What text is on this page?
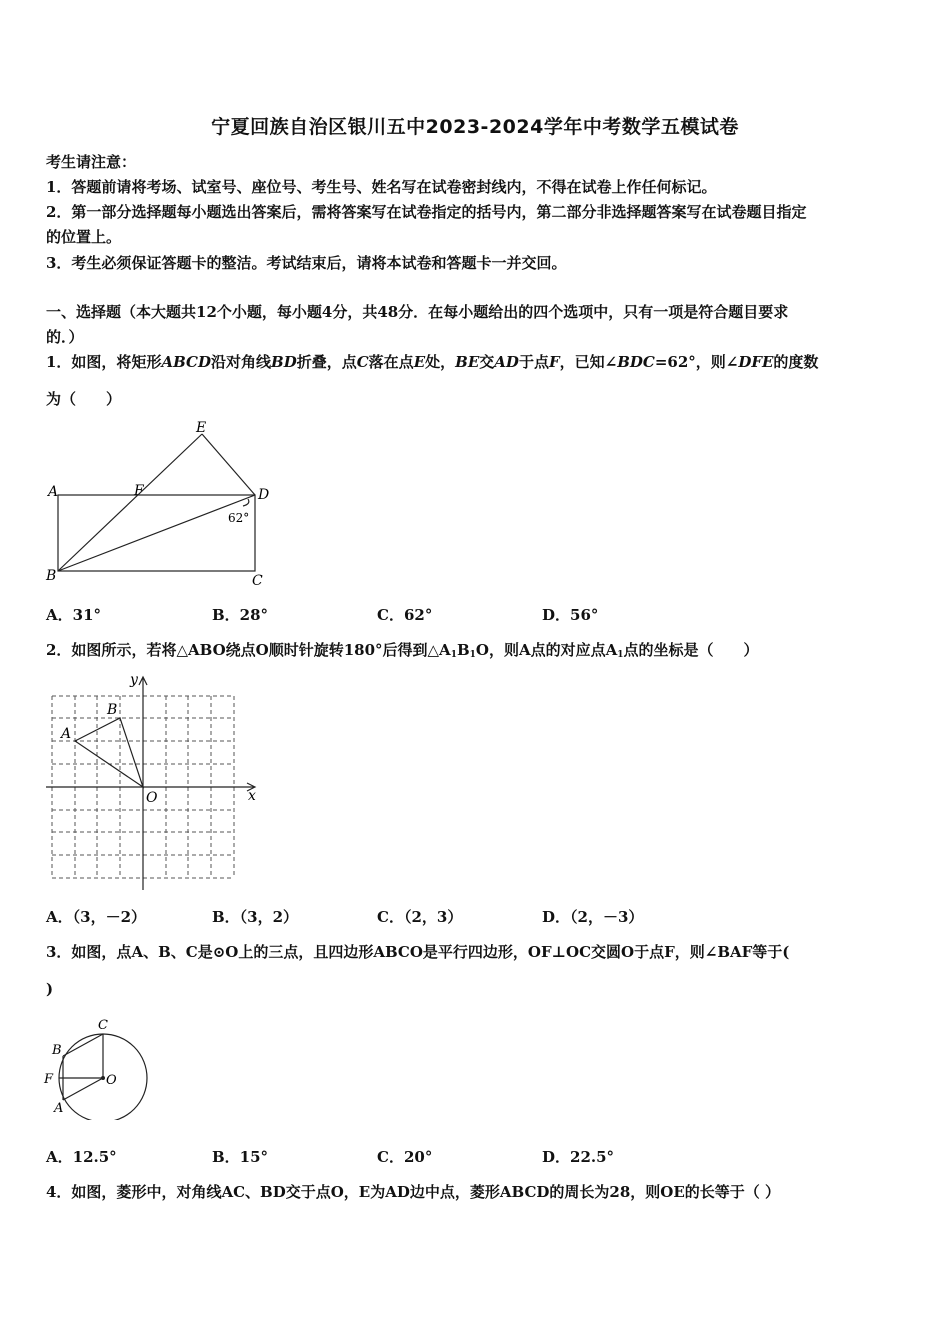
宁夏回族自治区银川五中2023-2024学年中考数学五模试卷
考生请注意：
1．答题前请将考场、试室号、座位号、考生号、姓名写在试卷密封线内，不得在试卷上作任何标记。
2．第一部分选择题每小题选出答案后，需将答案写在试卷指定的括号内，第二部分非选择题答案写在试卷题目指定
的位置上。
3．考生必须保证答题卡的整洁。考试结束后，请将本试卷和答题卡一并交回。
一、选择题（本大题共12个小题，每小题4分，共48分．在每小题给出的四个选项中，只有一项是符合题目要求
的．）
1．如图，将矩形ABCD沿对角线BD折叠，点C落在点E处，BE交AD于点F，已知∠BDC=62°，则∠DFE的度数
为（　　）
A	F
E
D
B	C
62°
A．31°	B．28°	C．62°	D．56°
2．如图所示，若将△ABO绕点O顺时针旋转180°后得到$\triangle A_1B_1O$，则A点的对应点$A_1$点的坐标是（　　）
y
x
O
A
B
A．（3，－2）	B．（3，2）	C．（2，3）	D．（2，－3）
3．如图，点A、B、C是⊙O上的三点，且四边形ABCO是平行四边形，OF⊥OC交圆O于点F，则∠BAF等于(
)
C
B
F	O
A
A．12.5°	B．15°	C．20°	D．22.5°
4．如图，菱形中，对角线AC、BD交于点O，E为AD边中点，菱形ABCD的周长为28，则OE的长等于（ ）
